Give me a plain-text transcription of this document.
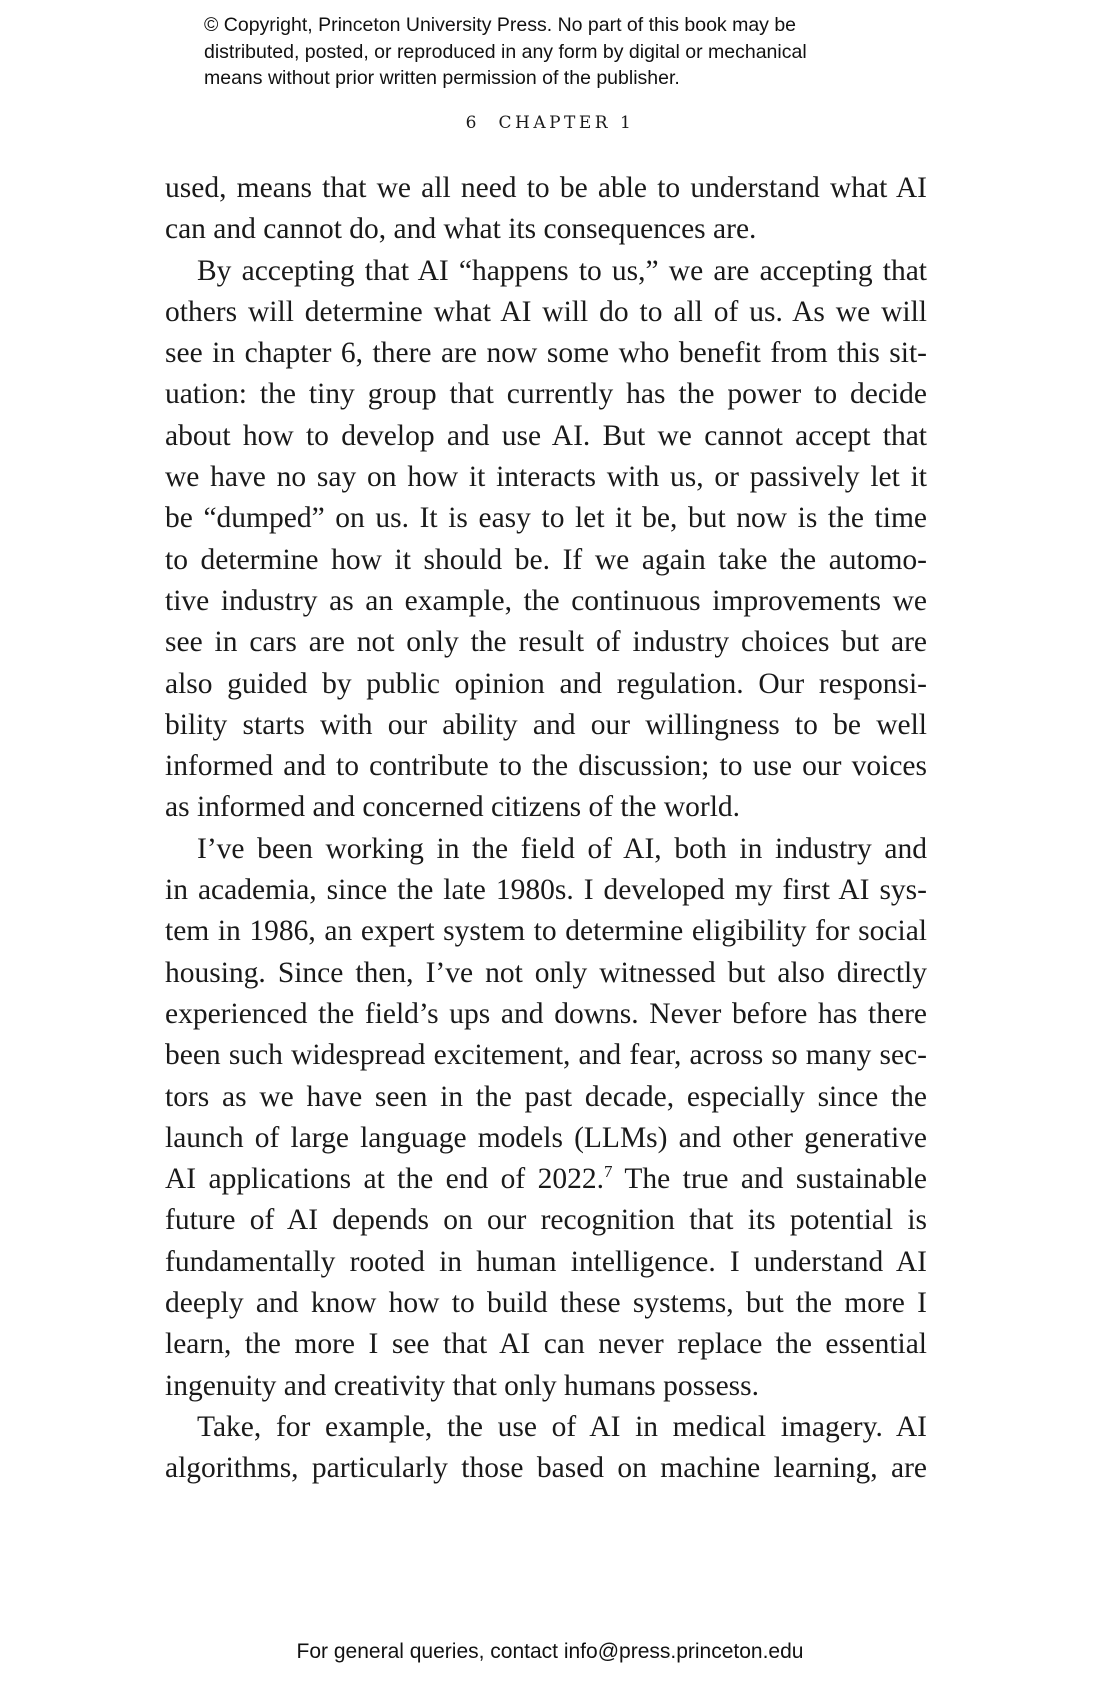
© Copyright, Princeton University Press. No part of this book may be
distributed, posted, or reproduced in any form by digital or mechanical
means without prior written permission of the publisher.
6 CHAPTER 1
used, means that we all need to be able to understand what AI
can and cannot do, and what its consequences are.
By accepting that AI “happens to us,” we are accepting that
others will determine what AI will do to all of us. As we will
see in chapter 6, there are now some who benefit from this sit-
uation: the tiny group that currently has the power to decide
about how to develop and use AI. But we cannot accept that
we have no say on how it interacts with us, or passively let it
be “dumped” on us. It is easy to let it be, but now is the time
to determine how it should be. If we again take the automo-
tive industry as an example, the continuous improvements we
see in cars are not only the result of industry choices but are
also guided by public opinion and regulation. Our responsi-
bility starts with our ability and our willingness to be well
informed and to contribute to the discussion; to use our voices
as informed and concerned citizens of the world.
I’ve been working in the field of AI, both in industry and
in academia, since the late 1980s. I developed my first AI sys-
tem in 1986, an expert system to determine eligibility for social
housing. Since then, I’ve not only witnessed but also directly
experienced the field’s ups and downs. Never before has there
been such widespread excitement, and fear, across so many sec-
tors as we have seen in the past decade, especially since the
launch of large language models (LLMs) and other generative
AI applications at the end of 2022.$^7$ The true and sustainable
future of AI depends on our recognition that its potential is
fundamentally rooted in human intelligence. I understand AI
deeply and know how to build these systems, but the more I
learn, the more I see that AI can never replace the essential
ingenuity and creativity that only humans possess.
Take, for example, the use of AI in medical imagery. AI
algorithms, particularly those based on machine learning, are
For general queries, contact info@press.princeton.edu
